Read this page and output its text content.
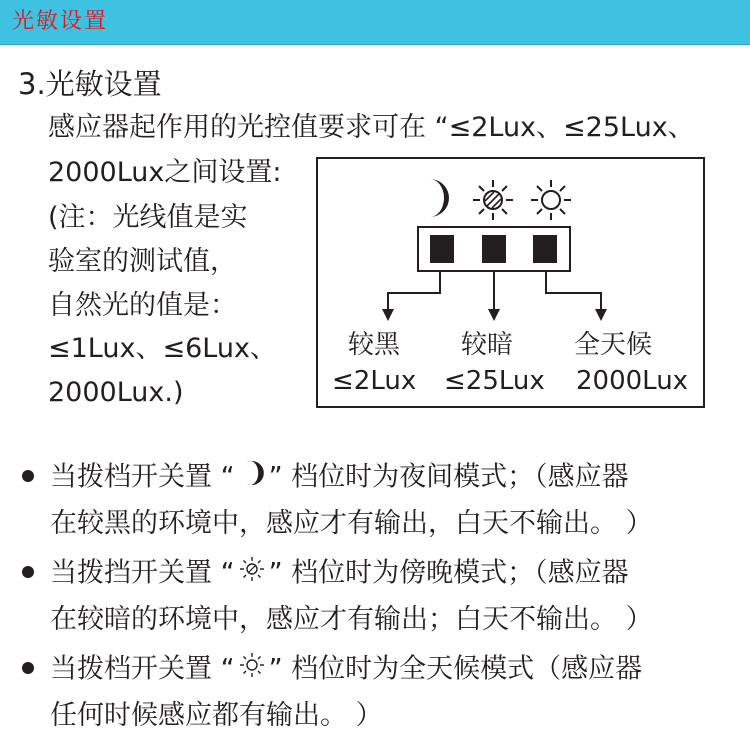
光敏设置
3.光敏设置
感应器起作用的光控值要求可在 “≤2Lux、≤25Lux、
2000Lux之间设置:
(注：光线值是实
验室的测试值，
自然光的值是：
≤1Lux、≤6Lux、
2000Lux.)
较黑
≤2Lux
较暗
≤25Lux
全天候
2000Lux
当拨档开关置 “ ” 档位时为夜间模式；（感应器
在较黑的环境中，感应才有输出，白天不输出。 ）
当拨挡开关置 “ ” 档位时为傍晚模式；（感应器
在较暗的环境中，感应才有输出；白天不输出。 ）
当拨档开关置 “ ” 档位时为全天候模式（感应器
任何时候感应都有输出。 ）
